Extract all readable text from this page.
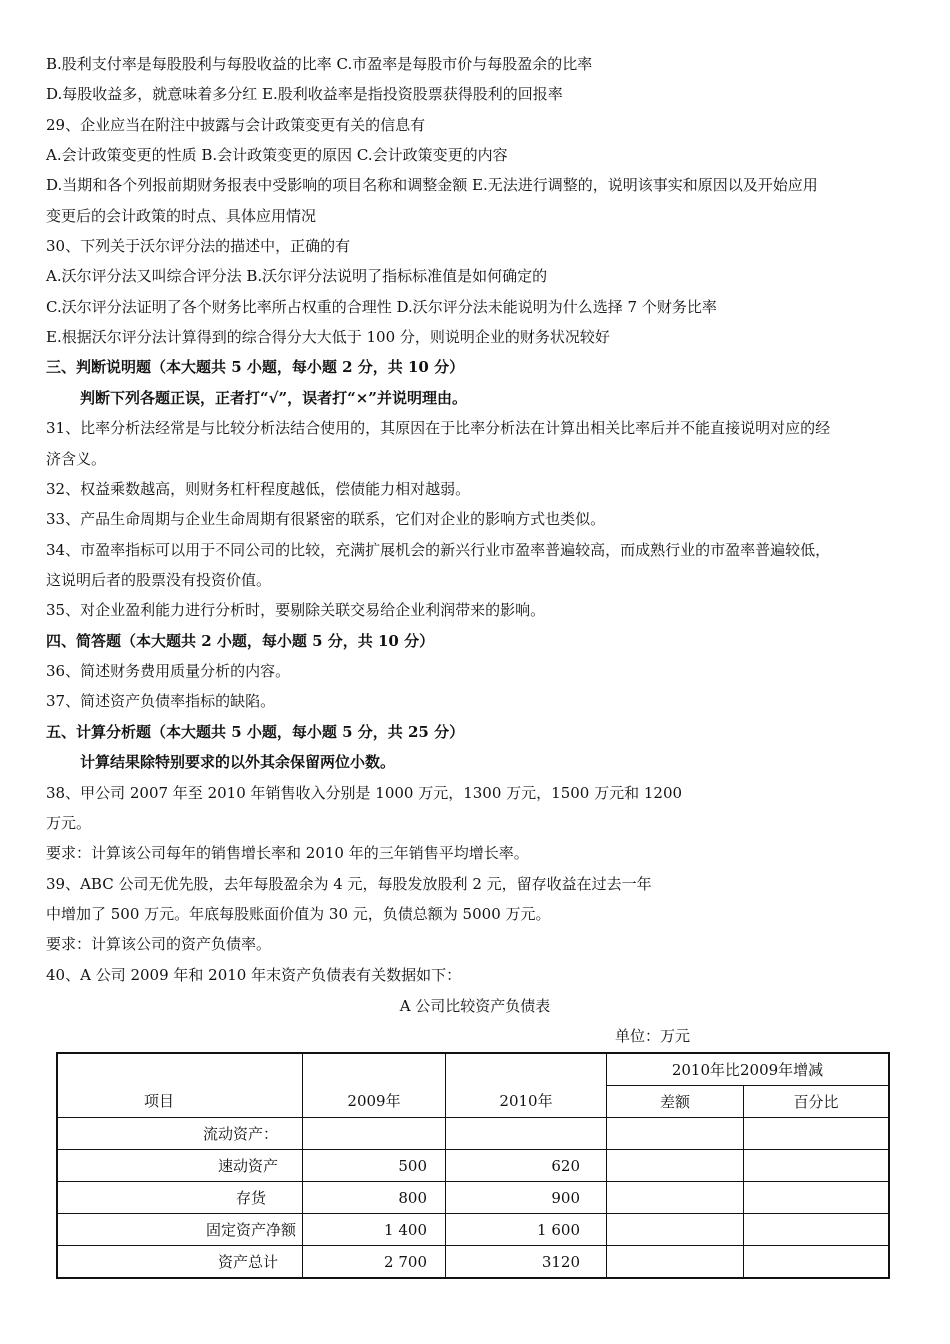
B.股利支付率是每股股利与每股收益的比率 C.市盈率是每股市价与每股盈余的比率
D.每股收益多，就意味着多分红 E.股利收益率是指投资股票获得股利的回报率
29、企业应当在附注中披露与会计政策变更有关的信息有
A.会计政策变更的性质 B.会计政策变更的原因 C.会计政策变更的内容
D.当期和各个列报前期财务报表中受影响的项目名称和调整金额 E.无法进行调整的，说明该事实和原因以及开始应用
变更后的会计政策的时点、具体应用情况
30、下列关于沃尔评分法的描述中，正确的有
A.沃尔评分法又叫综合评分法 B.沃尔评分法说明了指标标准值是如何确定的
C.沃尔评分法证明了各个财务比率所占权重的合理性 D.沃尔评分法未能说明为什么选择 7 个财务比率
E.根据沃尔评分法计算得到的综合得分大大低于 100 分，则说明企业的财务状况较好
三、判断说明题（本大题共 5 小题，每小题 2 分，共 10 分）
判断下列各题正误，正者打“√”，误者打“×”并说明理由。
31、比率分析法经常是与比较分析法结合使用的，其原因在于比率分析法在计算出相关比率后并不能直接说明对应的经
济含义。
32、权益乘数越高，则财务杠杆程度越低，偿债能力相对越弱。
33、产品生命周期与企业生命周期有很紧密的联系，它们对企业的影响方式也类似。
34、市盈率指标可以用于不同公司的比较，充满扩展机会的新兴行业市盈率普遍较高，而成熟行业的市盈率普遍较低，
这说明后者的股票没有投资价值。
35、对企业盈利能力进行分析时，要剔除关联交易给企业利润带来的影响。
四、简答题（本大题共 2 小题，每小题 5 分，共 10 分）
36、简述财务费用质量分析的内容。
37、简述资产负债率指标的缺陷。
五、计算分析题（本大题共 5 小题，每小题 5 分，共 25 分）
计算结果除特别要求的以外其余保留两位小数。
38、甲公司 2007 年至 2010 年销售收入分别是 1000 万元，1300 万元，1500 万元和 1200
万元。
要求：计算该公司每年的销售增长率和 2010 年的三年销售平均增长率。
39、ABC 公司无优先股，去年每股盈余为 4 元，每股发放股利 2 元，留存收益在过去一年
中增加了 500 万元。年底每股账面价值为 30 元，负债总额为 5000 万元。
要求：计算该公司的资产负债率。
40、A 公司 2009 年和 2010 年末资产负债表有关数据如下：
A 公司比较资产负债表
单位：万元
项目	2009年	2010年	2010年比2009年增减	
			差额	百分比
流动资产：				
速动资产	500	620		
存货	800	900		
固定资产净额	1 400	1 600		
资产总计	2 700	3120		
